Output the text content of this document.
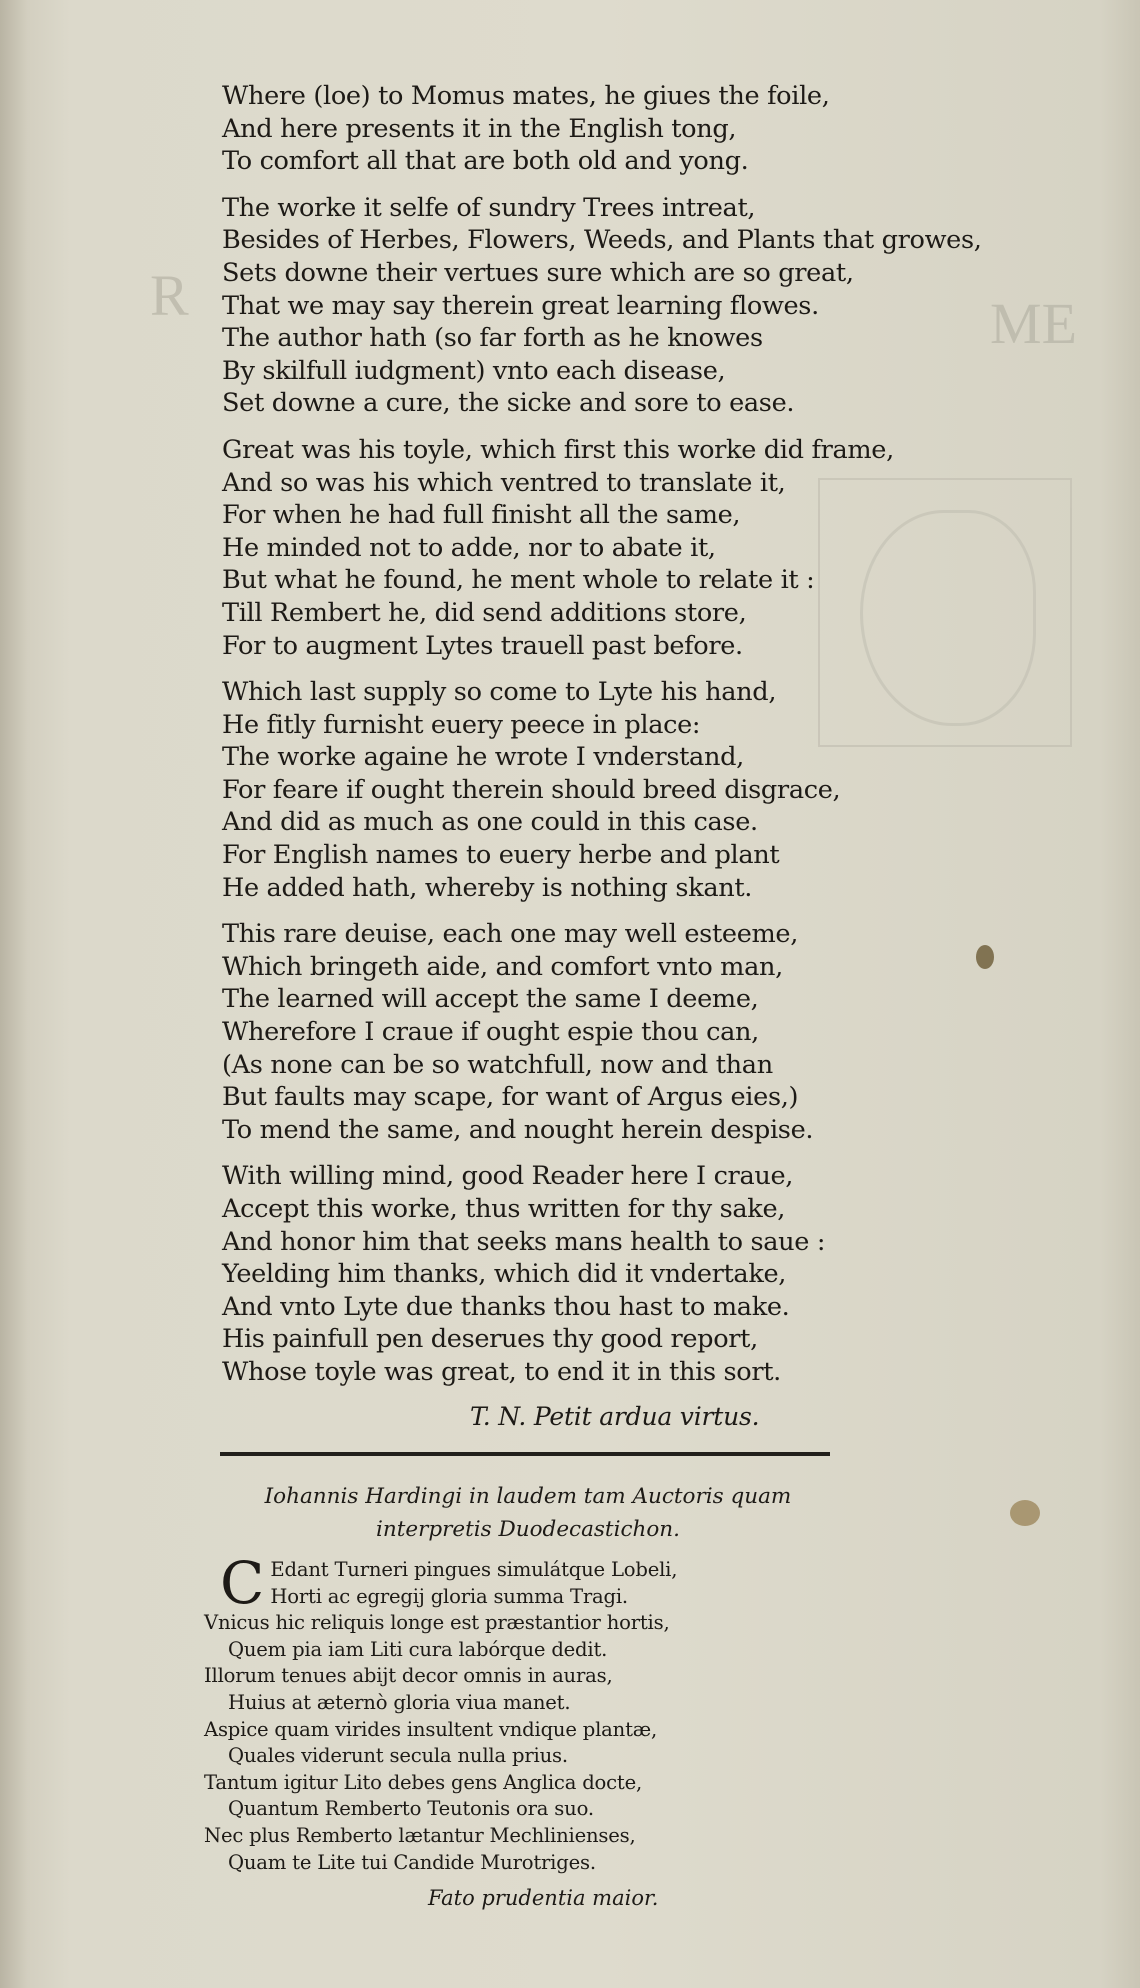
ME
R
Where (loe) to Momus mates, he giues the foile,
And here presents it in the English tong,
To comfort all that are both old and yong.
The worke it selfe of sundry Trees intreat,
Besides of Herbes, Flowers, Weeds, and Plants that growes,
Sets downe their vertues sure which are so great,
That we may say therein great learning flowes.
The author hath (so far forth as he knowes
By skilfull iudgment) vnto each disease,
Set downe a cure, the sicke and sore to ease.
Great was his toyle, which first this worke did frame,
And so was his which ventred to translate it,
For when he had full finisht all the same,
He minded not to adde, nor to abate it,
But what he found, he ment whole to relate it :
Till Rembert he, did send additions store,
For to augment Lytes trauell past before.
Which last supply so come to Lyte his hand,
He fitly furnisht euery peece in place:
The worke againe he wrote I vnderstand,
For feare if ought therein should breed disgrace,
And did as much as one could in this case.
For English names to euery herbe and plant
He added hath, whereby is nothing skant.
This rare deuise, each one may well esteeme,
Which bringeth aide, and comfort vnto man,
The learned will accept the same I deeme,
Wherefore I craue if ought espie thou can,
(As none can be so watchfull, now and than
But faults may scape, for want of Argus eies,)
To mend the same, and nought herein despise.
With willing mind, good Reader here I craue,
Accept this worke, thus written for thy sake,
And honor him that seeks mans health to saue :
Yeelding him thanks, which did it vndertake,
And vnto Lyte due thanks thou hast to make.
His painfull pen deserues thy good report,
Whose toyle was great, to end it in this sort.
T. N. Petit ardua virtus.
Iohannis Hardingi in laudem tam Auctoris quam
interpretis Duodecastichon.
C Edant Turneri pingues simulátque Lobeli,
Horti ac egregij gloria summa Tragi.
Vnicus hic reliquis longe est præstantior hortis,
Quem pia iam Liti cura labórque dedit.
Illorum tenues abijt decor omnis in auras,
Huius at æternò gloria viua manet.
Aspice quam virides insultent vndique plantæ,
Quales viderunt secula nulla prius.
Tantum igitur Lito debes gens Anglica docte,
Quantum Remberto Teutonis ora suo.
Nec plus Remberto lætantur Mechlinienses,
Quam te Lite tui Candide Murotriges.
Fato prudentia maior.
